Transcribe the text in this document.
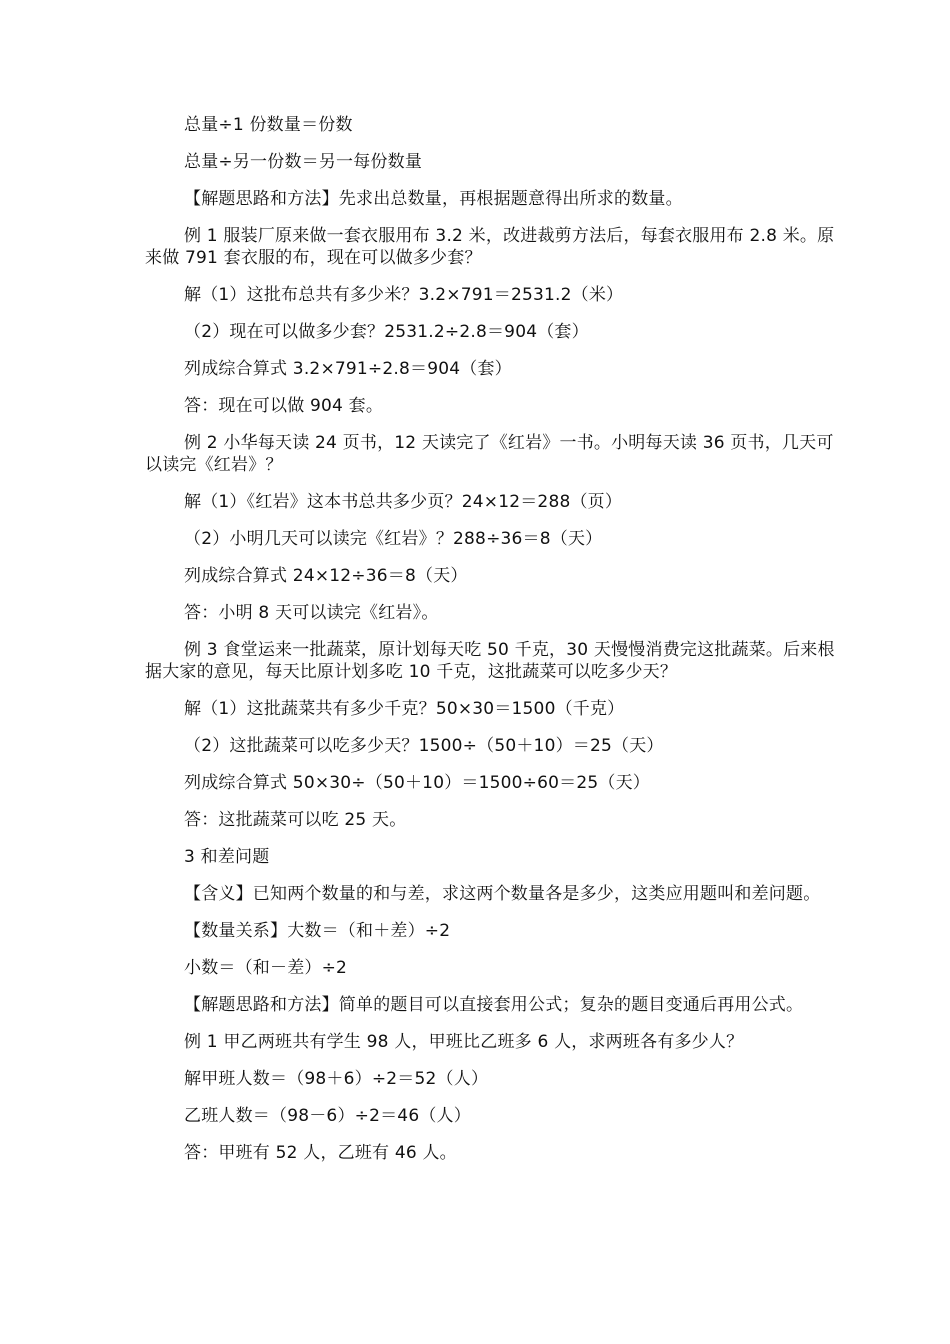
总量÷1 份数量＝份数

总量÷另一份数＝另一每份数量

【解题思路和方法】先求出总数量，再根据题意得出所求的数量。

例 1 服装厂原来做一套衣服用布 3.2 米，改进裁剪方法后，每套衣服用布 2.8 米。原来做 791 套衣服的布，现在可以做多少套？

解（1）这批布总共有多少米？3.2×791＝2531.2（米）

（2）现在可以做多少套？2531.2÷2.8＝904（套）

列成综合算式 3.2×791÷2.8＝904（套）

答：现在可以做 904 套。

例 2 小华每天读 24 页书，12 天读完了《红岩》一书。小明每天读 36 页书，几天可以读完《红岩》？

解（1）《红岩》这本书总共多少页？24×12＝288（页）

（2）小明几天可以读完《红岩》？288÷36＝8（天）

列成综合算式 24×12÷36＝8（天）

答：小明 8 天可以读完《红岩》。

例 3 食堂运来一批蔬菜，原计划每天吃 50 千克，30 天慢慢消费完这批蔬菜。后来根据大家的意见，每天比原计划多吃 10 千克，这批蔬菜可以吃多少天？

解（1）这批蔬菜共有多少千克？50×30＝1500（千克）

（2）这批蔬菜可以吃多少天？1500÷（50＋10）＝25（天）

列成综合算式 50×30÷（50＋10）＝1500÷60＝25（天）

答：这批蔬菜可以吃 25 天。

3 和差问题

【含义】已知两个数量的和与差，求这两个数量各是多少，这类应用题叫和差问题。

【数量关系】大数＝（和＋差）÷2

小数＝（和－差）÷2

【解题思路和方法】简单的题目可以直接套用公式；复杂的题目变通后再用公式。

例 1 甲乙两班共有学生 98 人，甲班比乙班多 6 人，求两班各有多少人？

解甲班人数＝（98＋6）÷2＝52（人）

乙班人数＝（98－6）÷2＝46（人）

答：甲班有 52 人，乙班有 46 人。
